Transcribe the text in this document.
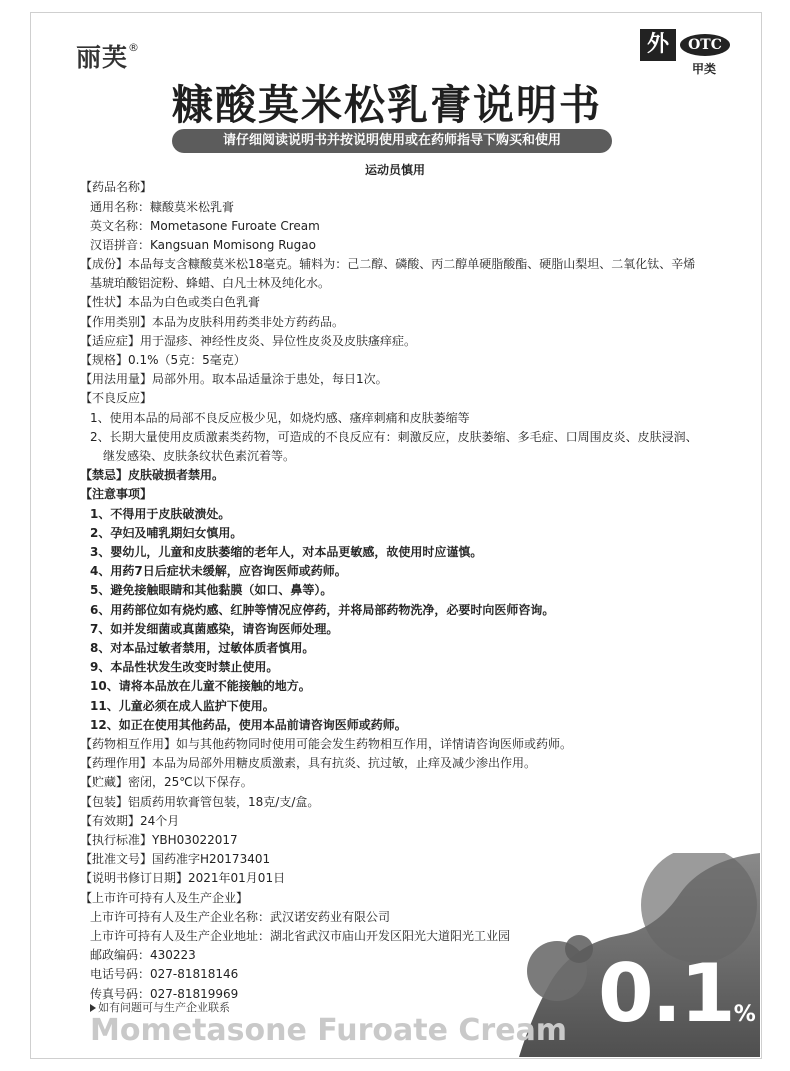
丽芙®
糠酸莫米松乳膏说明书
外	OTC
甲类
请仔细阅读说明书并按说明使用或在药师指导下购买和使用
运动员慎用
【药品名称】
通用名称：糠酸莫米松乳膏
英文名称：Mometasone Furoate Cream
汉语拼音：Kangsuan Momisong Rugao
【成份】本品每支含糠酸莫米松18毫克。辅料为：己二醇、磷酸、丙二醇单硬脂酸酯、硬脂山梨坦、二氧化钛、辛烯
基琥珀酸铝淀粉、蜂蜡、白凡士林及纯化水。
【性状】本品为白色或类白色乳膏
【作用类别】本品为皮肤科用药类非处方药药品。
【适应症】用于湿疹、神经性皮炎、异位性皮炎及皮肤瘙痒症。
【规格】0.1%（5克：5毫克）
【用法用量】局部外用。取本品适量涂于患处，每日1次。
【不良反应】
1、使用本品的局部不良反应极少见，如烧灼感、瘙痒刺痛和皮肤萎缩等
2、长期大量使用皮质激素类药物，可造成的不良反应有：刺激反应，皮肤萎缩、多毛症、口周围皮炎、皮肤浸润、
继发感染、皮肤条纹状色素沉着等。
【禁忌】皮肤破损者禁用。
【注意事项】
1、不得用于皮肤破溃处。
2、孕妇及哺乳期妇女慎用。
3、婴幼儿，儿童和皮肤萎缩的老年人，对本品更敏感，故使用时应谨慎。
4、用药7日后症状未缓解，应咨询医师或药师。
5、避免接触眼睛和其他黏膜（如口、鼻等）。
6、用药部位如有烧灼感、红肿等情况应停药，并将局部药物洗净，必要时向医师咨询。
7、如并发细菌或真菌感染，请咨询医师处理。
8、对本品过敏者禁用，过敏体质者慎用。
9、本品性状发生改变时禁止使用。
10、请将本品放在儿童不能接触的地方。
11、儿童必须在成人监护下使用。
12、如正在使用其他药品，使用本品前请咨询医师或药师。
【药物相互作用】如与其他药物同时使用可能会发生药物相互作用，详情请咨询医师或药师。
【药理作用】本品为局部外用糖皮质激素，具有抗炎、抗过敏，止痒及减少渗出作用。
【贮藏】密闭，25℃以下保存。
【包装】铝质药用软膏管包装，18克/支/盒。
【有效期】24个月
【执行标准】YBH03022017
【批准文号】国药准字H20173401
【说明书修订日期】2021年01月01日
【上市许可持有人及生产企业】
上市许可持有人及生产企业名称：武汉诺安药业有限公司
上市许可持有人及生产企业地址：湖北省武汉市庙山开发区阳光大道阳光工业园
邮政编码：430223
电话号码：027-81818146
传真号码：027-81819969	0.1%
如有问题可与生产企业联系
Mometasone Furoate Cream
